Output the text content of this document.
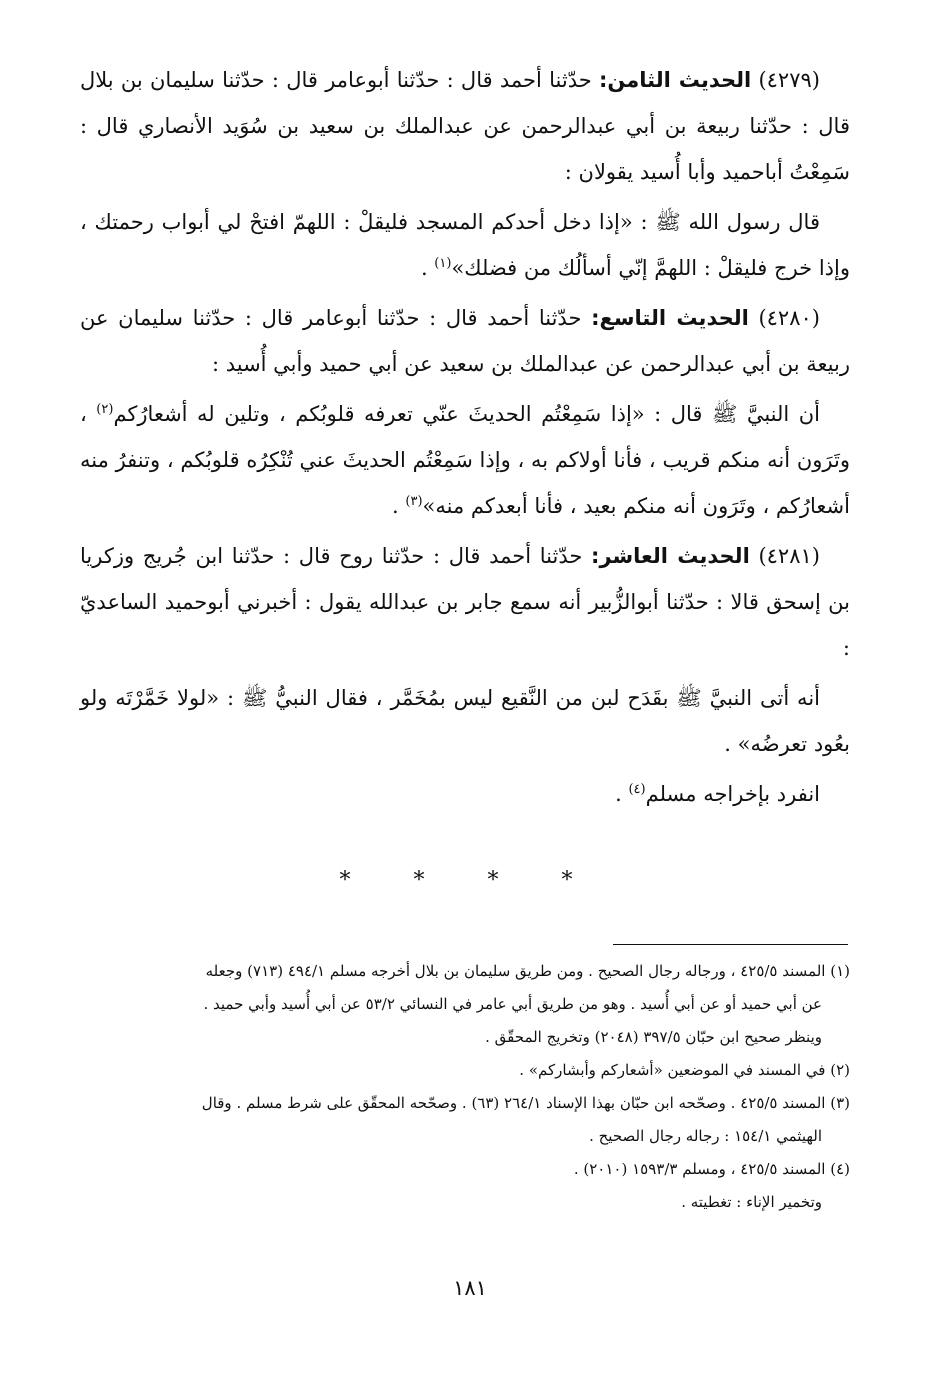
(٤٢٧٩) الحديث الثامن: حدّثنا أحمد قال : حدّثنا أبوعامر قال : حدّثنا سليمان بن بلال قال : حدّثنا ربيعة بن أبي عبدالرحمن عن عبدالملك بن سعيد بن سُوَيد الأنصاري قال : سَمِعْتُ أباحميد وأبا أُسيد يقولان :

قال رسول الله ﷺ : «إذا دخل أحدكم المسجد فليقلْ : اللهمّ افتحْ لي أبواب رحمتك ، وإذا خرج فليقلْ : اللهمَّ إنّي أسألُك من فضلك»$^{(١)}$ .

(٤٢٨٠) الحديث التاسع: حدّثنا أحمد قال : حدّثنا أبوعامر قال : حدّثنا سليمان عن ربيعة بن أبي عبدالرحمن عن عبدالملك بن سعيد عن أبي حميد وأبي أُسيد :

أن النبيَّ ﷺ قال : «إذا سَمِعْتُم الحديثَ عنّي تعرفه قلوبُكم ، وتلين له أشعارُكم$^{(٢)}$ ، وتَرَون أنه منكم قريب ، فأنا أولاكم به ، وإذا سَمِعْتُم الحديثَ عني تُنْكِرُه قلوبُكم ، وتنفرُ منه أشعارُكم ، وتَرَون أنه منكم بعيد ، فأنا أبعدكم منه»$^{(٣)}$ .

(٤٢٨١) الحديث العاشر: حدّثنا أحمد قال : حدّثنا روح قال : حدّثنا ابن جُريج وزكريا بن إسحق قالا : حدّثنا أبوالزُّبير أنه سمع جابر بن عبدالله يقول : أخبرني أبوحميد الساعديّ :

أنه أتى النبيَّ ﷺ بقَدَح لبن من النَّقيع ليس بمُخَمَّر ، فقال النبيُّ ﷺ : «لولا خَمَّرْتَه ولو بعُود تعرضُه» .

انفرد بإخراجه مسلم$^{(٤)}$ .

* * * *

(١) المسند ٤٢٥/٥ ، ورجاله رجال الصحيح . ومن طريق سليمان بن بلال أخرجه مسلم ٤٩٤/١ (٧١٣) وجعله

عن أبي حميد أو عن أبي أُسيد . وهو من طريق أبي عامر في النسائي ٥٣/٢ عن أبي أُسيد وأبي حميد .

وينظر صحيح ابن حبّان ٣٩٧/٥ (٢٠٤٨) وتخريج المحقّق .

(٢) في المسند في الموضعين «أشعاركم وأبشاركم» .

(٣) المسند ٤٢٥/٥ . وصحّحه ابن حبّان بهذا الإسناد ٢٦٤/١ (٦٣) . وصحّحه المحقّق على شرط مسلم . وقال

الهيثمي ١٥٤/١ : رجاله رجال الصحيح .

(٤) المسند ٤٢٥/٥ ، ومسلم ١٥٩٣/٣ (٢٠١٠) .

وتخمير الإناء : تغطيته .

١٨١
